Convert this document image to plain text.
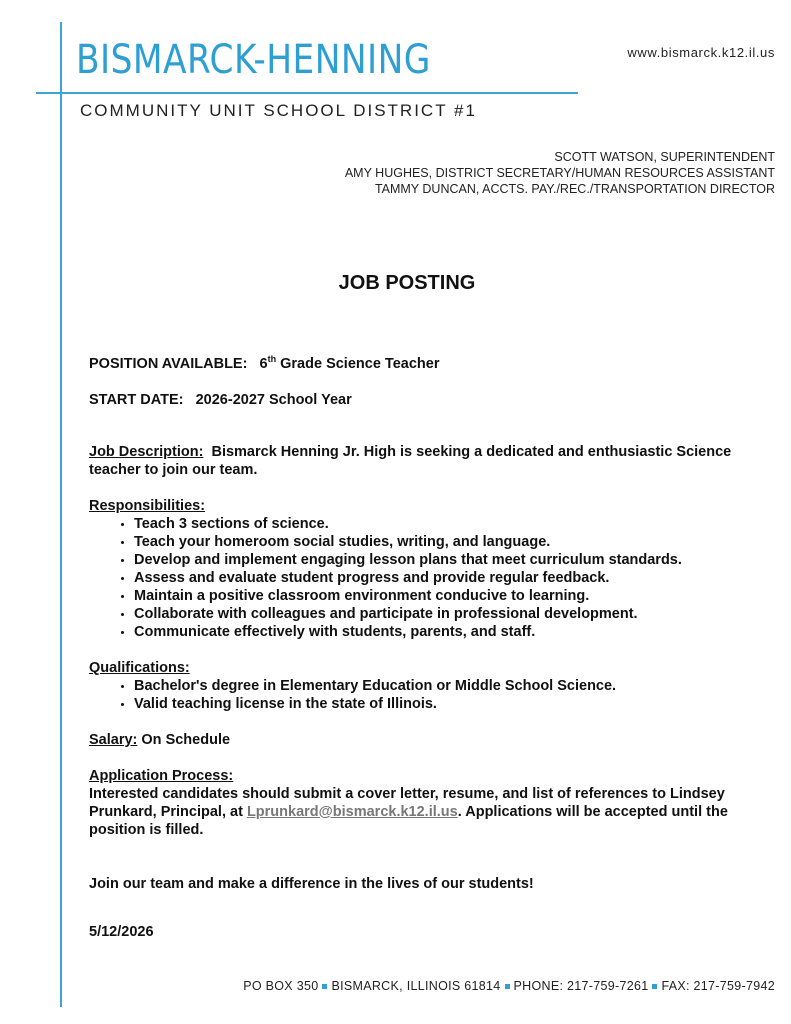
BISMARCK-HENNING	www.bismarck.k12.il.us
COMMUNITY UNIT SCHOOL DISTRICT #1
SCOTT WATSON, SUPERINTENDENT
AMY HUGHES, DISTRICT SECRETARY/HUMAN RESOURCES ASSISTANT
TAMMY DUNCAN, ACCTS. PAY./REC./TRANSPORTATION DIRECTOR
JOB POSTING

POSITION AVAILABLE: 6th Grade Science Teacher

START DATE: 2026-2027 School Year

Job Description: Bismarck Henning Jr. High is seeking a dedicated and enthusiastic Science teacher to join our team.

Responsibilities:

• Teach 3 sections of science.
• Teach your homeroom social studies, writing, and language.
• Develop and implement engaging lesson plans that meet curriculum standards.
• Assess and evaluate student progress and provide regular feedback.
• Maintain a positive classroom environment conducive to learning.
• Collaborate with colleagues and participate in professional development.
• Communicate effectively with students, parents, and staff.

Qualifications:

• Bachelor's degree in Elementary Education or Middle School Science.
• Valid teaching license in the state of Illinois.

Salary: On Schedule

Application Process:

Interested candidates should submit a cover letter, resume, and list of references to Lindsey Prunkard, Principal, at Lprunkard@bismarck.k12.il.us. Applications will be accepted until the position is filled.

Join our team and make a difference in the lives of our students!

5/12/2026

PO BOX 350 BISMARCK, ILLINOIS 61814 PHONE: 217-759-7261 FAX: 217-759-7942
